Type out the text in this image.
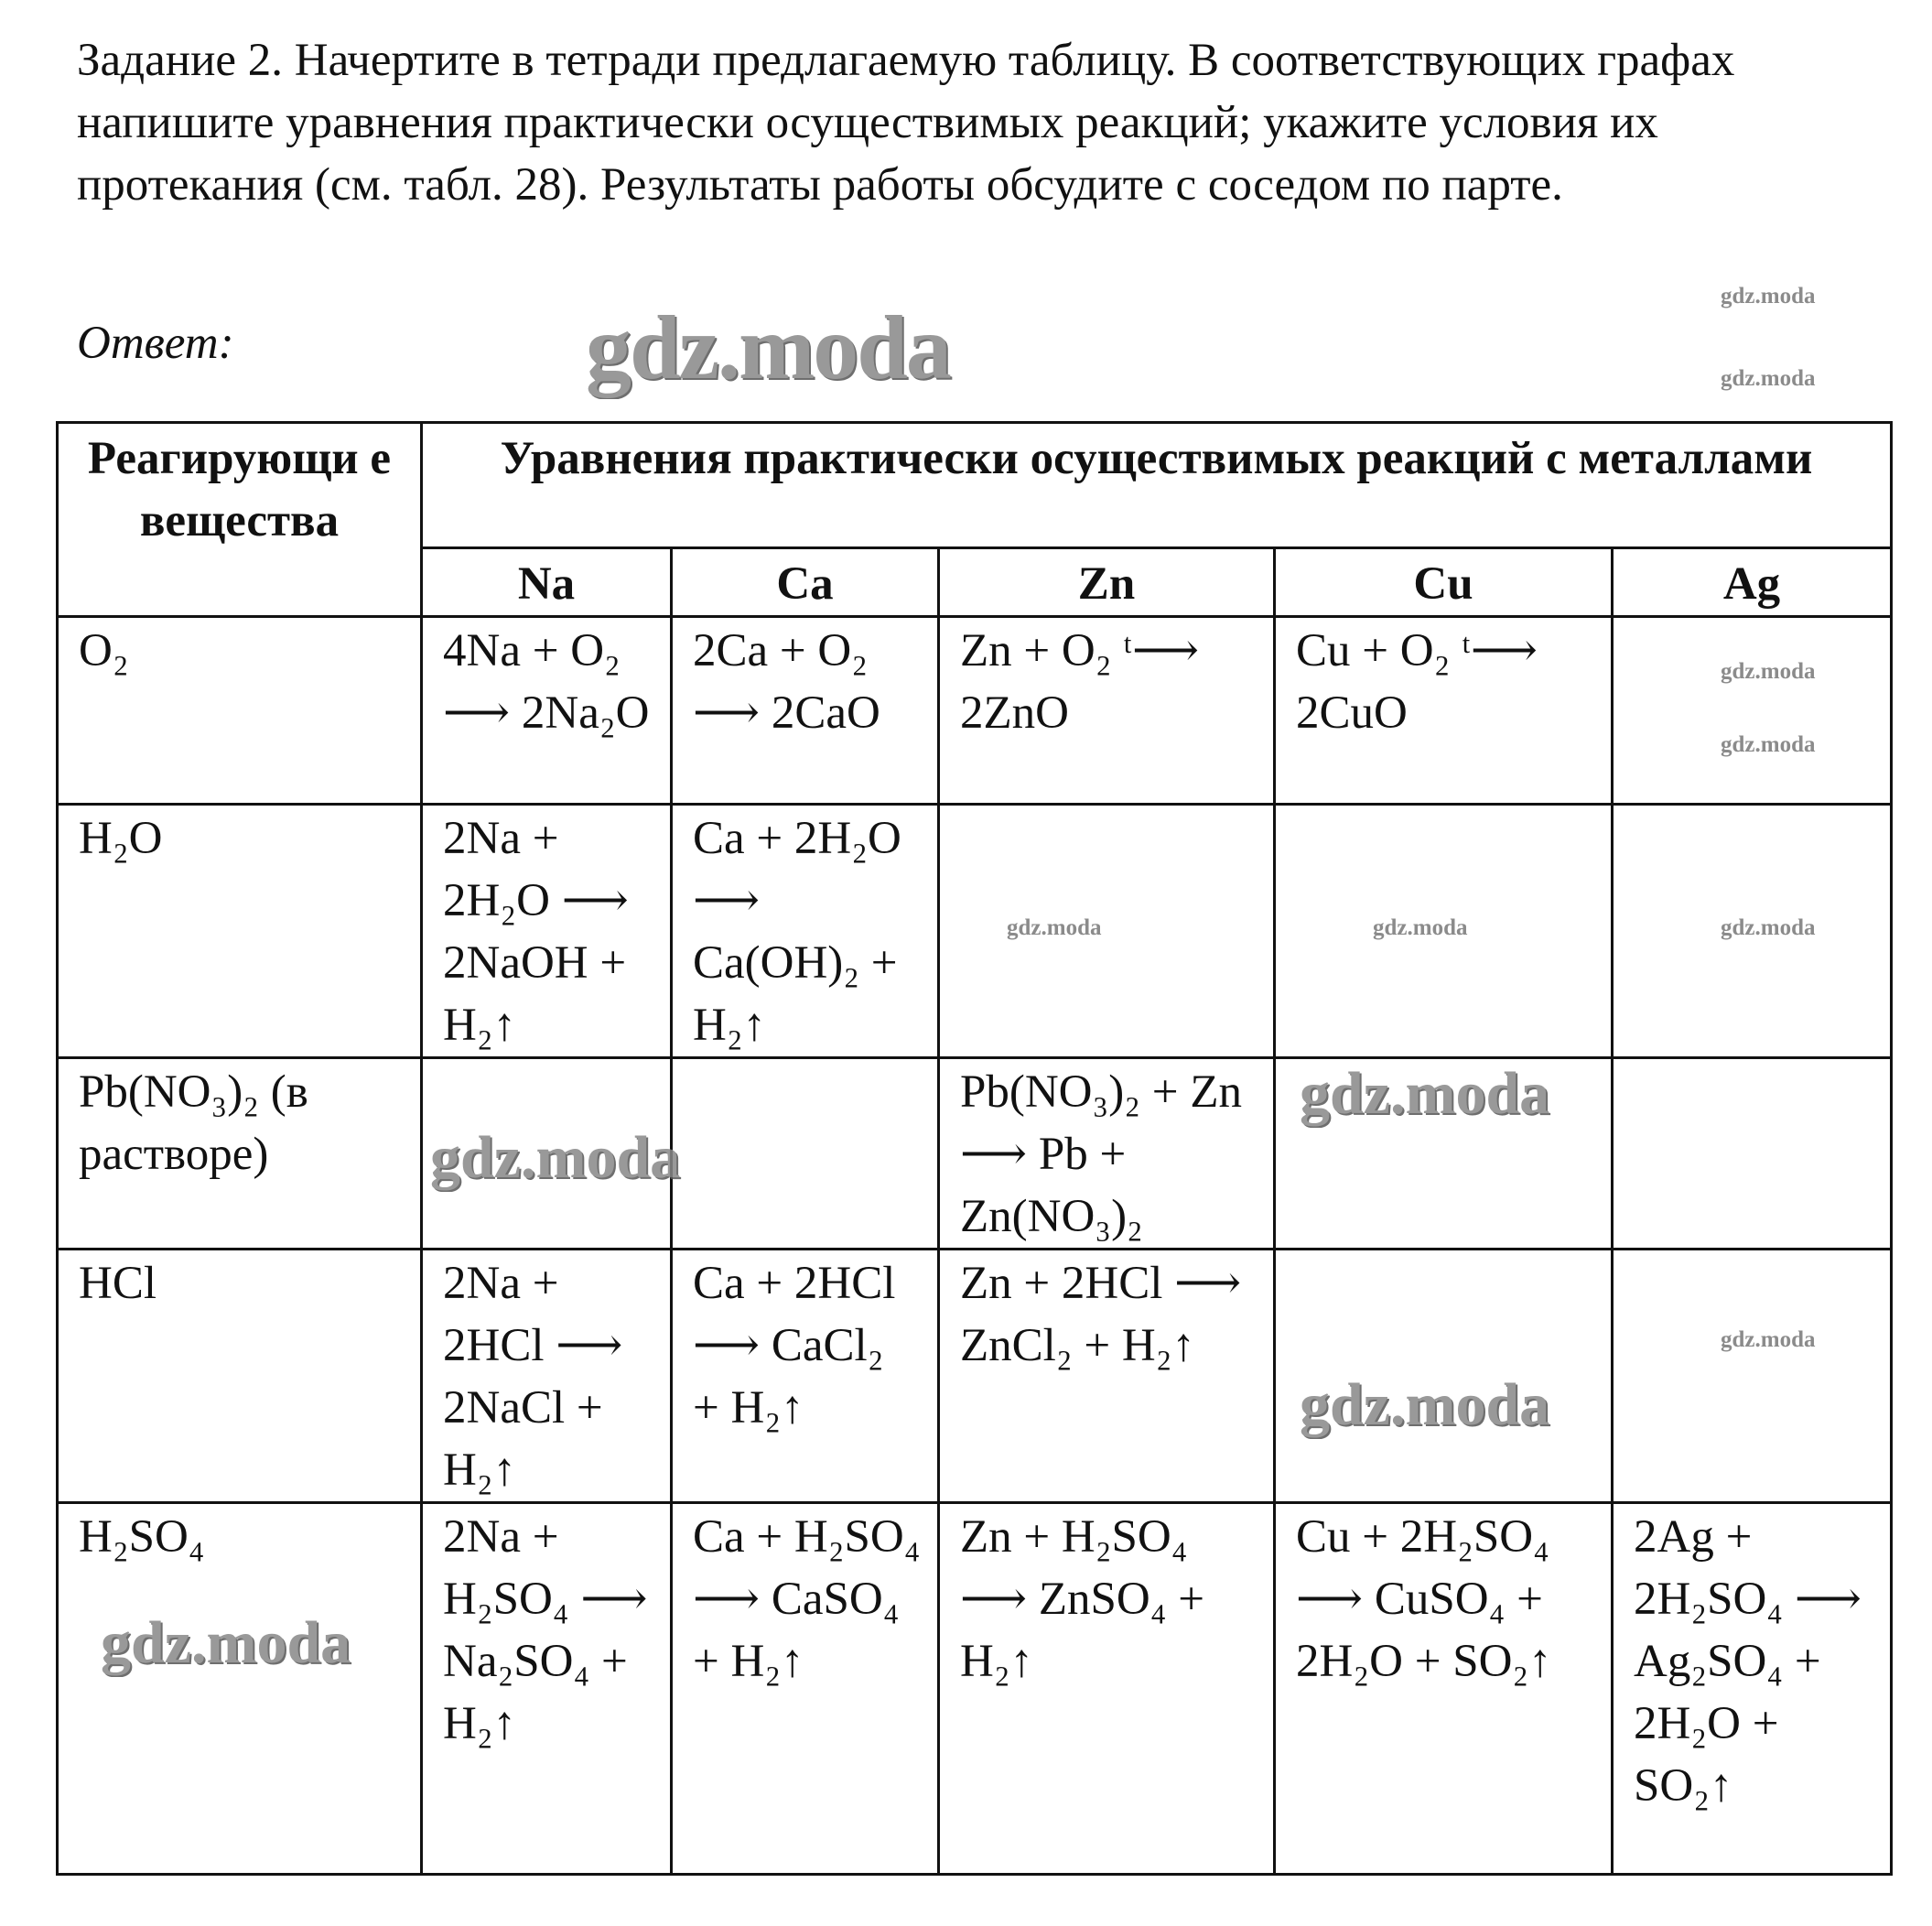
Задание 2. Начертите в тетради предлагаемую таблицу. В соответствующих графах напишите уравнения практически осуществимых реакций; укажите условия их протекания (см. табл. 28). Результаты работы обсудите с соседом по парте.
Ответ:
Реагирующи е вещества	Уравнения практически осуществимых реакций с металлами				
	Na	Ca	Zn	Cu	Ag
O₂	4Na + O₂ ⟶ 2Na₂O	2Ca + O₂ ⟶ 2CaO	Zn + O₂ ᵗ⟶ 2ZnO	Cu + O₂ ᵗ⟶ 2CuO	
H₂O	2Na + 2H₂O ⟶ 2NaOH + H₂↑	Ca + 2H₂O ⟶ Ca(OH)₂ + H₂↑			
Pb(NO₃)₂ (в растворе)			Pb(NO₃)₂ + Zn ⟶ Pb + Zn(NO₃)₂		
HCl	2Na + 2HCl ⟶ 2NaCl + H₂↑	Ca + 2HCl ⟶ CaCl₂ + H₂↑	Zn + 2HCl ⟶ ZnCl₂ + H₂↑		
H₂SO₄	2Na + H₂SO₄ ⟶ Na₂SO₄ + H₂↑	Ca + H₂SO₄ ⟶ CaSO₄ + H₂↑	Zn + H₂SO₄ ⟶ ZnSO₄ + H₂↑	Cu + 2H₂SO₄ ⟶ CuSO₄ + 2H₂O + SO₂↑	2Ag + 2H₂SO₄ ⟶ Ag₂SO₄ + 2H₂O + SO₂↑
gdz.moda
gdz.moda
gdz.moda
gdz.moda
gdz.moda
gdz.moda
gdz.moda
gdz.moda
gdz.moda
gdz.moda	gdz.moda	gdz.moda
gdz.moda
